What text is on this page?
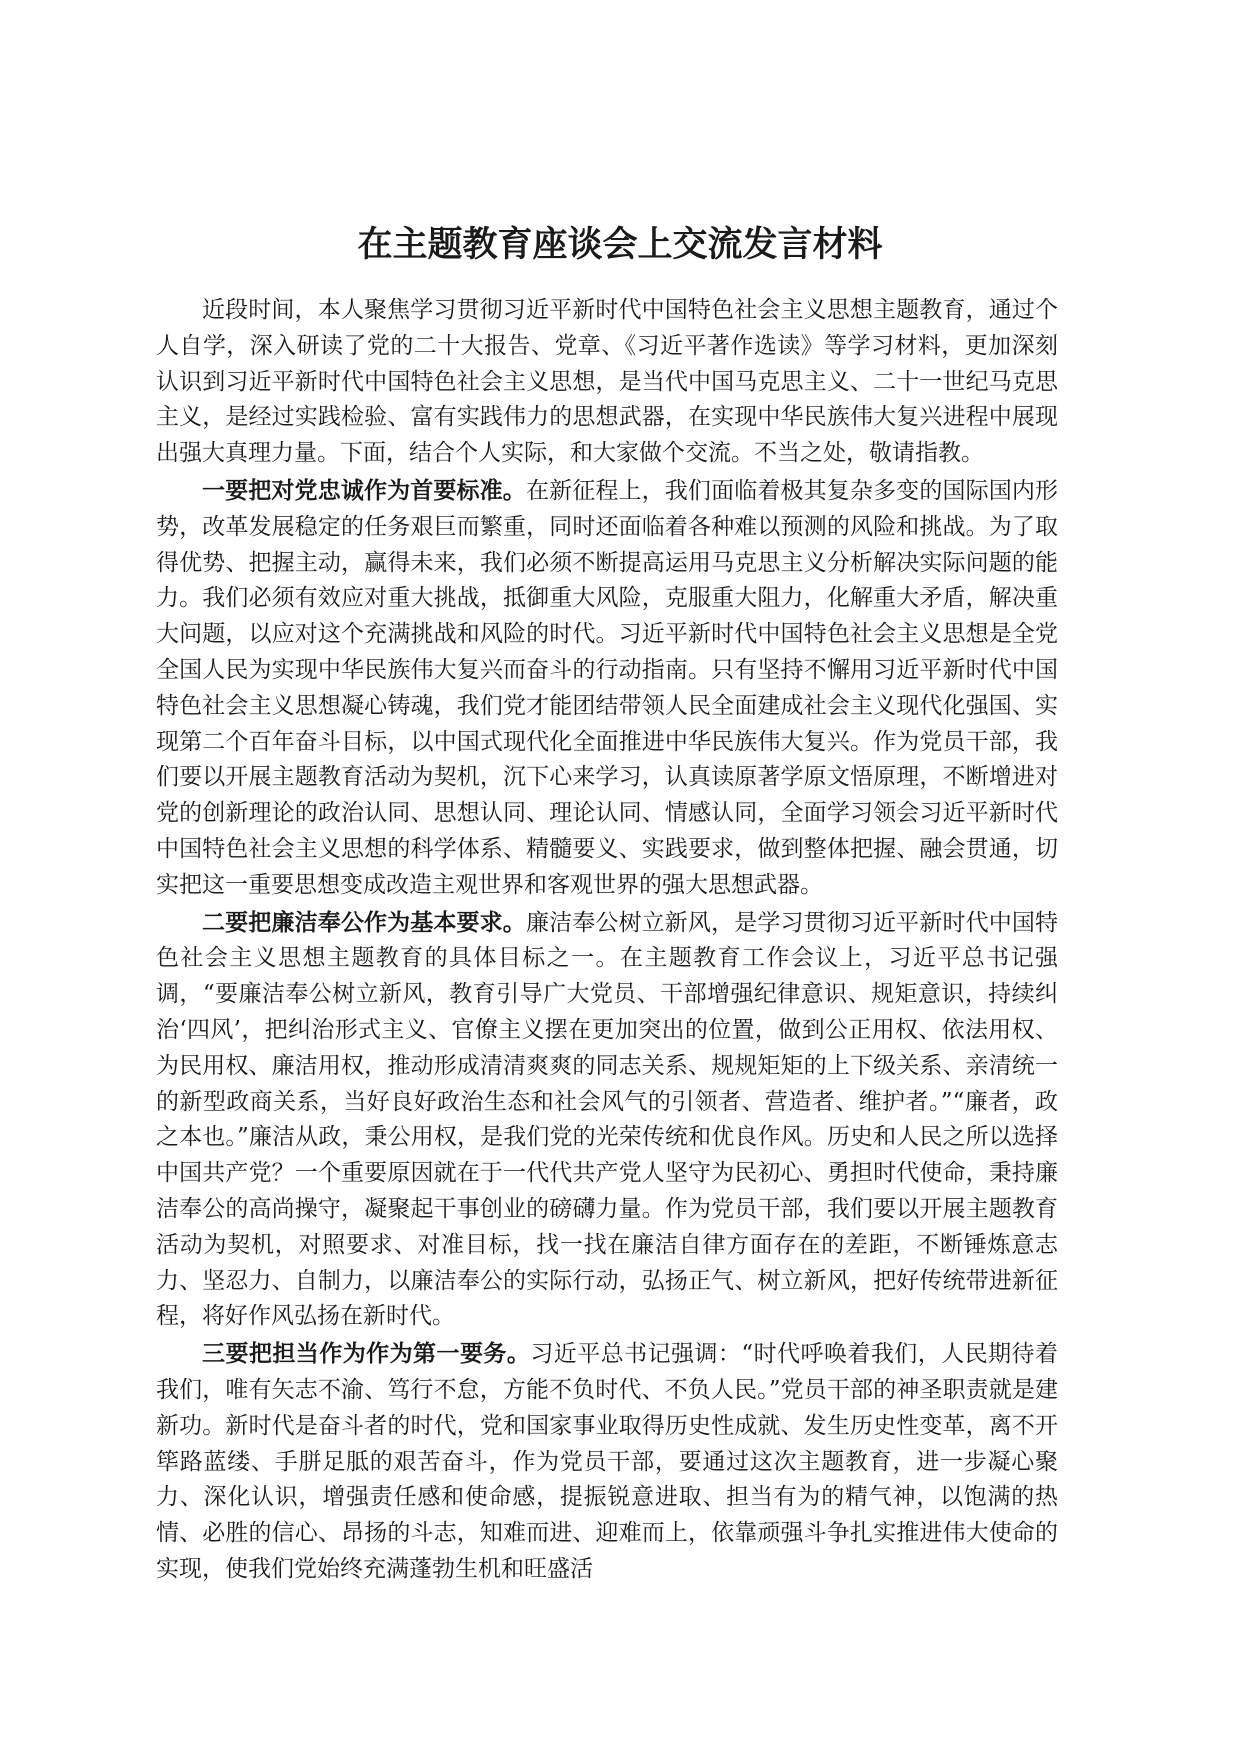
在主题教育座谈会上交流发言材料

近段时间，本人聚焦学习贯彻习近平新时代中国特色社会主义思想主题教育，通过个人自学，深入研读了党的二十大报告、党章、《习近平著作选读》等学习材料，更加深刻认识到习近平新时代中国特色社会主义思想，是当代中国马克思主义、二十一世纪马克思主义，是经过实践检验、富有实践伟力的思想武器，在实现中华民族伟大复兴进程中展现出强大真理力量。下面，结合个人实际，和大家做个交流。不当之处，敬请指教。

一要把对党忠诚作为首要标准。在新征程上，我们面临着极其复杂多变的国际国内形势，改革发展稳定的任务艰巨而繁重，同时还面临着各种难以预测的风险和挑战。为了取得优势、把握主动，赢得未来，我们必须不断提高运用马克思主义分析解决实际问题的能力。我们必须有效应对重大挑战，抵御重大风险，克服重大阻力，化解重大矛盾，解决重大问题，以应对这个充满挑战和风险的时代。习近平新时代中国特色社会主义思想是全党全国人民为实现中华民族伟大复兴而奋斗的行动指南。只有坚持不懈用习近平新时代中国特色社会主义思想凝心铸魂，我们党才能团结带领人民全面建成社会主义现代化强国、实现第二个百年奋斗目标，以中国式现代化全面推进中华民族伟大复兴。作为党员干部，我们要以开展主题教育活动为契机，沉下心来学习，认真读原著学原文悟原理，不断增进对党的创新理论的政治认同、思想认同、理论认同、情感认同，全面学习领会习近平新时代中国特色社会主义思想的科学体系、精髓要义、实践要求，做到整体把握、融会贯通，切实把这一重要思想变成改造主观世界和客观世界的强大思想武器。

二要把廉洁奉公作为基本要求。廉洁奉公树立新风，是学习贯彻习近平新时代中国特色社会主义思想主题教育的具体目标之一。在主题教育工作会议上，习近平总书记强调，“要廉洁奉公树立新风，教育引导广大党员、干部增强纪律意识、规矩意识，持续纠治‘四风’，把纠治形式主义、官僚主义摆在更加突出的位置，做到公正用权、依法用权、为民用权、廉洁用权，推动形成清清爽爽的同志关系、规规矩矩的上下级关系、亲清统一的新型政商关系，当好良好政治生态和社会风气的引领者、营造者、维护者。”“廉者，政之本也。”廉洁从政，秉公用权，是我们党的光荣传统和优良作风。历史和人民之所以选择中国共产党？一个重要原因就在于一代代共产党人坚守为民初心、勇担时代使命，秉持廉洁奉公的高尚操守，凝聚起干事创业的磅礴力量。作为党员干部，我们要以开展主题教育活动为契机，对照要求、对准目标，找一找在廉洁自律方面存在的差距，不断锤炼意志力、坚忍力、自制力，以廉洁奉公的实际行动，弘扬正气、树立新风，把好传统带进新征程，将好作风弘扬在新时代。

三要把担当作为作为第一要务。习近平总书记强调：“时代呼唤着我们，人民期待着我们，唯有矢志不渝、笃行不怠，方能不负时代、不负人民。”党员干部的神圣职责就是建新功。新时代是奋斗者的时代，党和国家事业取得历史性成就、发生历史性变革，离不开筚路蓝缕、手胼足胝的艰苦奋斗，作为党员干部，要通过这次主题教育，进一步凝心聚力、深化认识，增强责任感和使命感，提振锐意进取、担当有为的精气神，以饱满的热情、必胜的信心、昂扬的斗志，知难而进、迎难而上，依靠顽强斗争扎实推进伟大使命的实现，使我们党始终充满蓬勃生机和旺盛活
